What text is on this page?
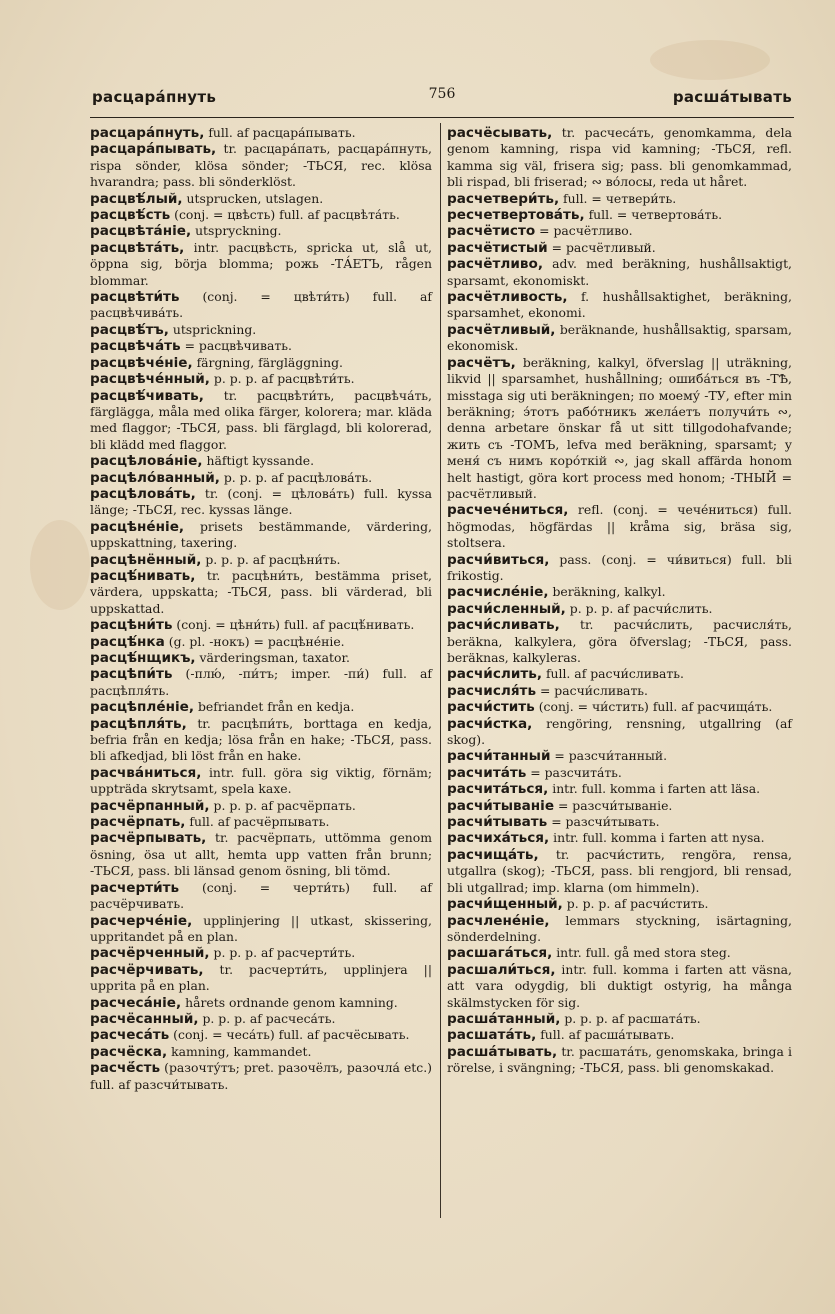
расцара́пнуть	756	расша́тывать
расцара́пнуть, full. af расцара́пывать.
расцара́пывать, tr. расцара́пать, расцара́пнуть, rispa sönder, klösa sönder; -ТЬСЯ, rec. klösa hvarandra; pass. bli sönderklöst.
расцвѣ́лый, utsprucken, utslagen.
расцвѣ́сть (conj. = цвѣсть) full. af расцвѣта́ть.
расцвѣта́ніе, utspryckning.
расцвѣта́ть, intr. расцвѣсть, spricka ut, slå ut, öppna sig, börja blomma; рожь -ТА́ЕТЪ, rågen blommar.
расцвѣти́ть (conj. = цвѣти́ть) full. af расцвѣчива́ть.
расцвѣ́тъ, utsprickning.
расцвѣча́ть = расцвѣчивать.
расцвѣче́ніе, färgning, färgläggning.
расцвѣче́нный, p. p. p. af расцвѣти́ть.
расцвѣ́чивать, tr. расцвѣти́ть, расцвѣча́ть, färglägga, måla med olika färger, kolorera; mar. kläda med flaggor; -ТЬСЯ, pass. bli färglagd, bli kolorerad, bli klädd med flaggor.
расцѣлова́ніе, häftigt kyssande.
расцѣло́ванный, p. p. p. af расцѣлова́ть.
расцѣлова́ть, tr. (conj. = цѣлова́ть) full. kyssa länge; -ТЬСЯ, rec. kyssas länge.
расцѣне́ніе, prisets bestämmande, värdering, uppskattning, taxering.
расцѣнённый, p. p. p. af расцѣни́ть.
расцѣ́нивать, tr. расцѣни́ть, bestämma priset, värdera, uppskatta; -ТЬСЯ, pass. bli värderad, bli uppskattad.
расцѣни́ть (conj. = цѣни́ть) full. af расцѣ́нивать.
расцѣ́нка (g. pl. -нокъ) = расцѣне́ніе.
расцѣ́нщикъ, värderingsman, taxator.
расцѣпи́ть (-плю́, -пи́тъ; imper. -пи́) full. af расцѣпля́ть.
расцѣпле́ніе, befriandet från en kedja.
расцѣпля́ть, tr. расцѣпи́ть, borttaga en kedja, befria från en kedja; lösa från en hake; -ТЬСЯ, pass. bli afkedjad, bli löst från en hake.
расчва́ниться, intr. full. göra sig viktig, förnäm; uppträda skrytsamt, spela kaxe.
расчёрпанный, p. p. p. af расчёрпать.
расчёрпать, full. af расчёрпывать.
расчёрпывать, tr. расчёрпать, uttömma genom ösning, ösa ut allt, hemta upp vatten från brunn; -ТЬСЯ, pass. bli länsad genom ösning, bli tömd.
расчерти́ть (conj. = черти́ть) full. af расчёрчивать.
расчерче́ніе, upplinjering || utkast, skissering, uppritandet på en plan.
расчёрченный, p. p. p. af расчерти́ть.
расчёрчивать, tr. расчерти́ть, upplinjera || upprita på en plan.
расчеса́ніе, hårets ordnande genom kamning.
расчёсанный, p. p. p. af расчеса́ть.
расчеса́ть (conj. = чеса́ть) full. af расчёсывать.
расчёска, kamning, kammandet.
расчё́сть (разочту́тъ; pret. разочёлъ, разочла́ etc.) full. af разсчи́тывать.
расчёсывать, tr. расчеса́ть, genomkamma, dela genom kamning, rispa vid kamning; -ТЬСЯ, refl. kamma sig väl, frisera sig; pass. bli genomkammad, bli rispad, bli friserad; ∾ во́лосы, reda ut håret.
расчетвери́ть, full. = четвери́ть.
ресчетвертова́ть, full. = четвертова́ть.
расчётисто = расчётливо.
расчётистый = расчётливый.
расчётливо, adv. med beräkning, hushållsaktigt, sparsamt, ekonomiskt.
расчётливость, f. hushållsaktighet, beräkning, sparsamhet, ekonomi.
расчётливый, beräknande, hushållsaktig, sparsam, ekonomisk.
расчётъ, beräkning, kalkyl, öfverslag || uträkning, likvid || sparsamhet, hushållning; ошиба́ться въ -ТѢ, misstaga sig uti beräkningen; по моему́ -ТУ, efter min beräkning; э́тотъ рабо́тникъ жела́етъ получи́ть ∾, denna arbetare önskar få ut sitt tillgodohafvande; жить съ -ТОМЪ, lefva med beräkning, sparsamt; у меня́ съ нимъ коро́ткій ∾, jag skall affärda honom helt hastigt, göra kort process med honom; -ТНЫЙ = расчётливый.
расчече́ниться, refl. (conj. = чече́ниться) full. högmodas, högfärdas || kråma sig, bräsa sig, stoltsera.
расчи́виться, pass. (conj. = чи́виться) full. bli frikostig.
расчисле́ніе, beräkning, kalkyl.
расчи́сленный, p. p. p. af расчи́слить.
расчи́сливать, tr. расчи́слить, расчисля́ть, beräkna, kalkylera, göra öfverslag; -ТЬСЯ, pass. beräknas, kalkyleras.
расчи́слить, full. af расчи́сливать.
расчисля́ть = расчи́сливать.
расчи́стить (conj. = чи́стить) full. af расчища́ть.
расчи́стка, rengöring, rensning, utgallring (af skog).
расчи́танный = разсчи́танный.
расчита́ть = разсчита́ть.
расчита́ться, intr. full. komma i farten att läsa.
расчи́тываніе = разсчи́тываніе.
расчи́тывать = разсчи́тывать.
расчиха́ться, intr. full. komma i farten att nysa.
расчища́ть, tr. расчи́стить, rengöra, rensa, utgallra (skog); -ТЬСЯ, pass. bli rengjord, bli rensad, bli utgallrad; imp. klarna (om himmeln).
расчи́щенный, p. p. p. af расчи́стить.
расчлене́ніе, lemmars styckning, isärtagning, sönderdelning.
расшага́ться, intr. full. gå med stora steg.
расшали́ться, intr. full. komma i farten att väsna, att vara odygdig, bli duktigt ostyrig, ha många skälmstycken för sig.
расша́танный, p. p. p. af расшата́ть.
расшата́ть, full. af расша́тывать.
расша́тывать, tr. расшата́ть, genomskaka, bringa i rörelse, i svängning; -ТЬСЯ, pass. bli genomskakad.
